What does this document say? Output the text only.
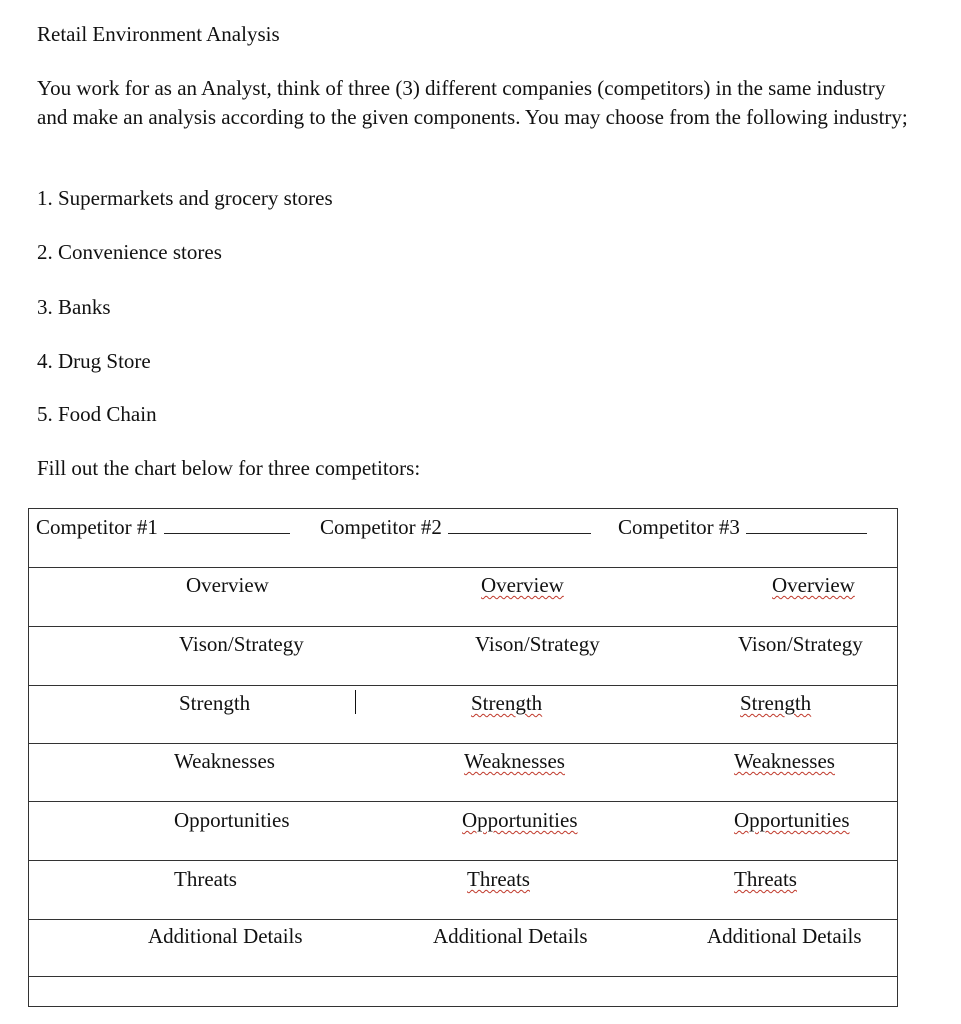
Retail Environment Analysis
You work for as an Analyst, think of three (3) different companies (competitors) in the same industry and make an analysis according to the given components. You may choose from the following industry;
1. Supermarkets and grocery stores
2. Convenience stores
3. Banks
4. Drug Store
5. Food Chain
Fill out the chart below for three competitors:
Competitor #1	Competitor #2	Competitor #3
Overview	Overview	Overview
Vison/Strategy	Vison/Strategy	Vison/Strategy
Strength	Strength	Strength
Weaknesses	Weaknesses	Weaknesses
Opportunities	Opportunities	Opportunities
Threats	Threats	Threats
Additional Details	Additional Details	Additional Details
